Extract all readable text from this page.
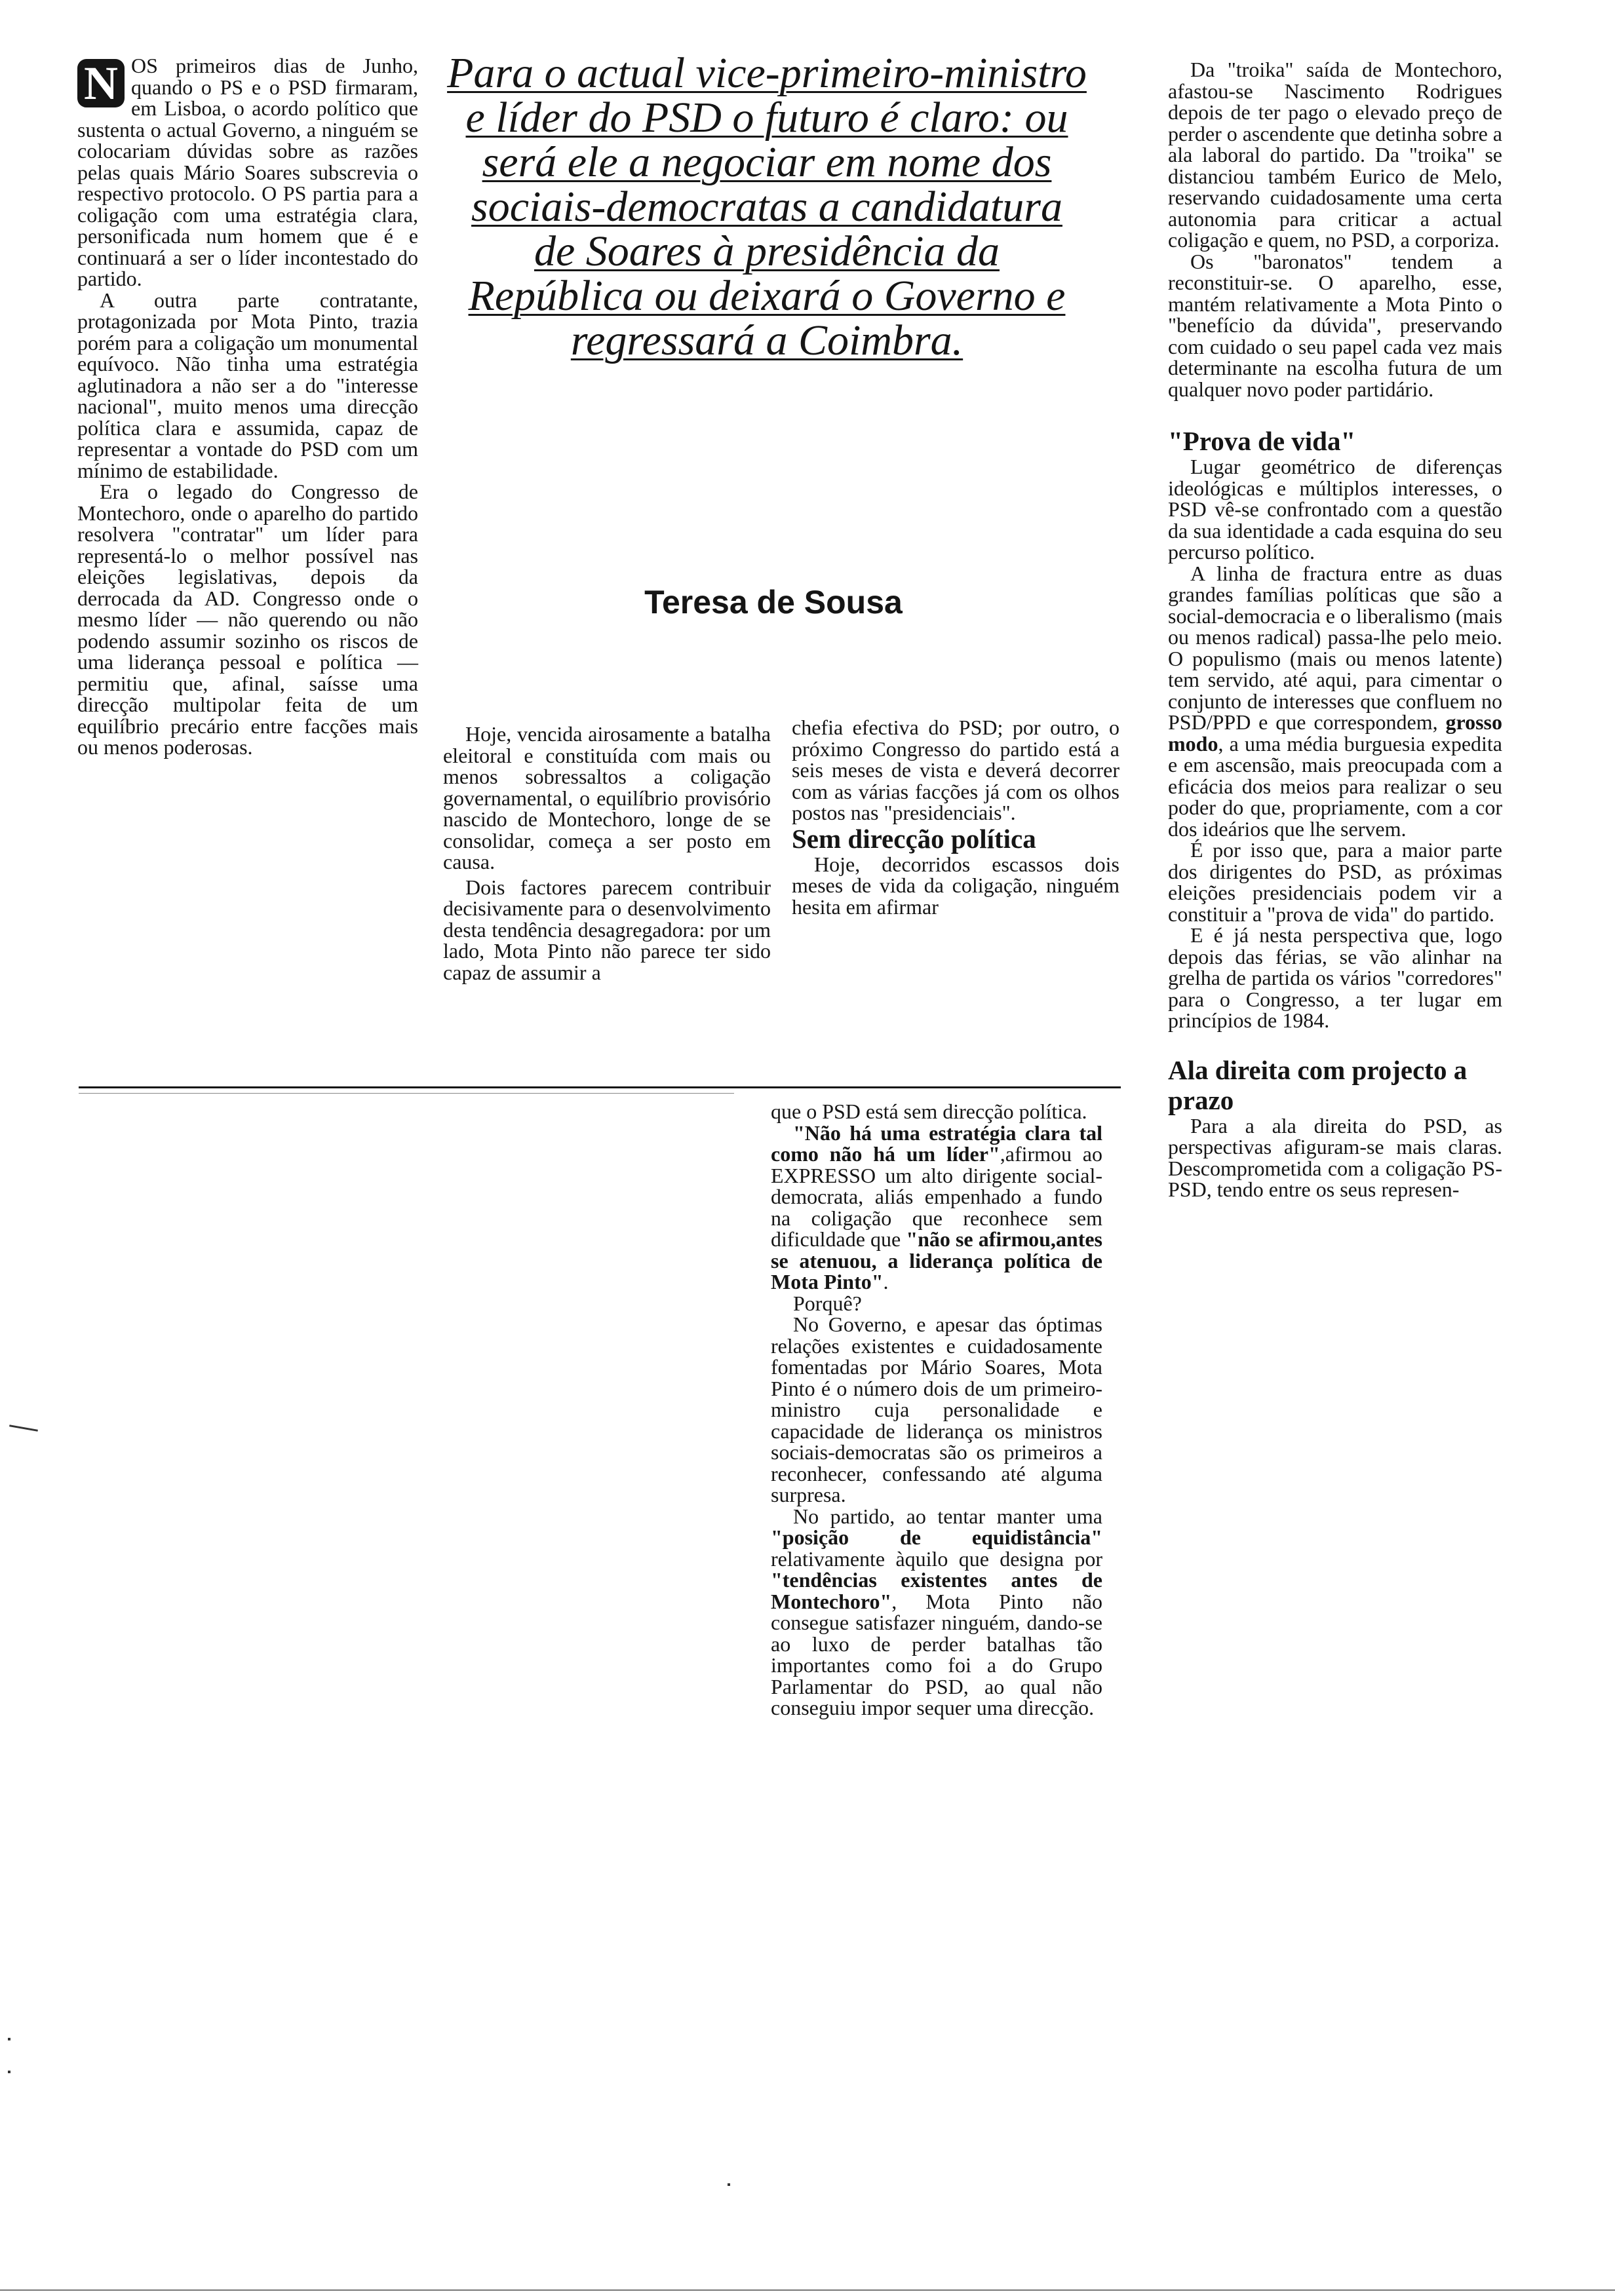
Para o actual vice-primeiro-ministro e líder do PSD o futuro é claro: ou será ele a negociar em nome dos sociais-democratas a candidatura de Soares à presidência da República ou deixará o Governo e regressará a Coimbra.
Teresa de Sousa

N OS primeiros dias de Junho, quando o PS e o PSD firmaram, em Lisboa, o acordo político que sustenta o actual Governo, a ninguém se colocariam dúvidas sobre as razões pelas quais Mário Soares subscrevia o respectivo protocolo. O PS partia para a coligação com uma estratégia clara, personificada num homem que é e continuará a ser o líder incontestado do partido.

A outra parte contratante, protagonizada por Mota Pinto, trazia porém para a coligação um monumental equívoco. Não tinha uma estratégia aglutinadora a não ser a do "interesse nacional", muito menos uma direcção política clara e assumida, capaz de representar a vontade do PSD com um mínimo de estabilidade.

Era o legado do Congresso de Montechoro, onde o aparelho do partido resolvera "contratar" um líder para representá-lo o melhor possível nas eleições legislativas, depois da derrocada da AD. Congresso onde o mesmo líder — não querendo ou não podendo assumir sozinho os riscos de uma liderança pessoal e política — permitiu que, afinal, saísse uma direcção multipolar feita de um equilíbrio precário entre facções mais ou menos poderosas.

Hoje, vencida airosamente a batalha eleitoral e constituída com mais ou menos sobressaltos a coligação governamental, o equilíbrio provisório nascido de Montechoro, longe de se consolidar, começa a ser posto em causa.

Dois factores parecem contribuir decisivamente para o desenvolvimento desta tendência desagregadora: por um lado, Mota Pinto não parece ter sido capaz de assumir a

chefia efectiva do PSD; por outro, o próximo Congresso do partido está a seis meses de vista e deverá decorrer com as várias facções já com os olhos postos nas "presidenciais".

Sem direcção política

Hoje, decorridos escassos dois meses de vida da coligação, ninguém hesita em afirmar

que o PSD está sem direcção política.

"Não há uma estratégia clara tal como não há um líder",afirmou ao EXPRESSO um alto dirigente social-democrata, aliás empenhado a fundo na coligação que reconhece sem dificuldade que "não se afirmou,antes se atenuou, a liderança política de Mota Pinto".

Porquê?

No Governo, e apesar das óptimas relações existentes e cuidadosamente fomentadas por Mário Soares, Mota Pinto é o número dois de um primeiro-ministro cuja personalidade e capacidade de liderança os ministros sociais-democratas são os primeiros a reconhecer, confessando até alguma surpresa.

No partido, ao tentar manter uma "posição de equidistância" relativamente àquilo que designa por "tendências existentes antes de Montechoro", Mota Pinto não consegue satisfazer ninguém, dando-se ao luxo de perder batalhas tão importantes como foi a do Grupo Parlamentar do PSD, ao qual não conseguiu impor sequer uma direcção.

Da "troika" saída de Montechoro, afastou-se Nascimento Rodrigues depois de ter pago o elevado preço de perder o ascendente que detinha sobre a ala laboral do partido. Da "troika" se distanciou também Eurico de Melo, reservando cuidadosamente uma certa autonomia para criticar a actual coligação e quem, no PSD, a corporiza.

Os "baronatos" tendem a reconstituir-se. O aparelho, esse, mantém relativamente a Mota Pinto o "benefício da dúvida", preservando com cuidado o seu papel cada vez mais determinante na escolha futura de um qualquer novo poder partidário.

"Prova de vida"

Lugar geométrico de diferenças ideológicas e múltiplos interesses, o PSD vê-se confrontado com a questão da sua identidade a cada esquina do seu percurso político.

A linha de fractura entre as duas grandes famílias políticas que são a social-democracia e o liberalismo (mais ou menos radical) passa-lhe pelo meio. O populismo (mais ou menos latente) tem servido, até aqui, para cimentar o conjunto de interesses que confluem no PSD/PPD e que correspondem, grosso modo, a uma média burguesia expedita e em ascensão, mais preocupada com a eficácia dos meios para realizar o seu poder do que, propriamente, com a cor dos ideários que lhe servem.

É por isso que, para a maior parte dos dirigentes do PSD, as próximas eleições presidenciais podem vir a constituir a "prova de vida" do partido.

E é já nesta perspectiva que, logo depois das férias, se vão alinhar na grelha de partida os vários "corredores" para o Congresso, a ter lugar em princípios de 1984.

Ala direita com projecto a prazo

Para a ala direita do PSD, as perspectivas afiguram-se mais claras. Descomprometida com a coligação PS-PSD, tendo entre os seus represen-
